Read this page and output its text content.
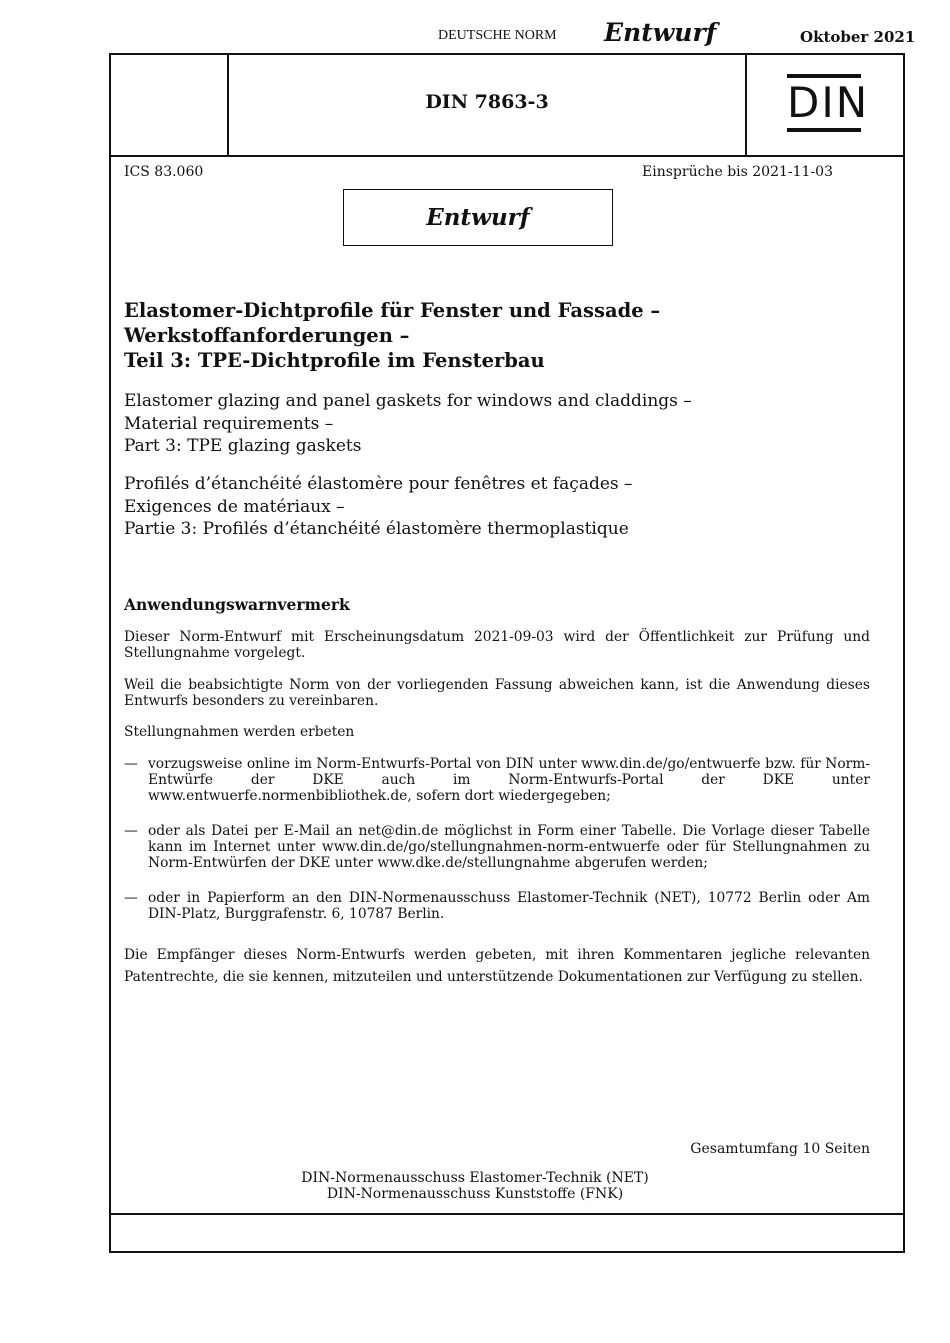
DEUTSCHE NORM Entwurf	Oktober 2021
DIN 7863-3	DIN
ICS 83.060	Einsprüche bis 2021-11-03
Entwurf
Elastomer-Dichtprofile für Fenster und Fassade –
Werkstoffanforderungen –
Teil 3: TPE-Dichtprofile im Fensterbau
Elastomer glazing and panel gaskets for windows and claddings –
Material requirements –
Part 3: TPE glazing gaskets
Profilés d’étanchéité élastomère pour fenêtres et façades –
Exigences de matériaux –
Partie 3: Profilés d’étanchéité élastomère thermoplastique
Anwendungswarnvermerk
Dieser Norm-Entwurf mit Erscheinungsdatum 2021-09-03 wird der Öffentlichkeit zur Prüfung und Stellungnahme vorgelegt.
Weil die beabsichtigte Norm von der vorliegenden Fassung abweichen kann, ist die Anwendung dieses Entwurfs besonders zu vereinbaren.
Stellungnahmen werden erbeten
— vorzugsweise online im Norm-Entwurfs-Portal von DIN unter www.din.de/go/entwuerfe bzw. für Norm-Entwürfe der DKE auch im Norm-Entwurfs-Portal der DKE unter www.entwuerfe.normenbibliothek.de, sofern dort wiedergegeben;
— oder als Datei per E-Mail an net@din.de möglichst in Form einer Tabelle. Die Vorlage dieser Tabelle kann im Internet unter www.din.de/go/stellungnahmen-norm-entwuerfe oder für Stellungnahmen zu Norm-Entwürfen der DKE unter www.dke.de/stellungnahme abgerufen werden;
— oder in Papierform an den DIN-Normenausschuss Elastomer-Technik (NET), 10772 Berlin oder Am DIN-Platz, Burggrafenstr. 6, 10787 Berlin.
Die Empfänger dieses Norm-Entwurfs werden gebeten, mit ihren Kommentaren jegliche relevanten Patentrechte, die sie kennen, mitzuteilen und unterstützende Dokumentationen zur Verfügung zu stellen.
Gesamtumfang 10 Seiten
DIN-Normenausschuss Elastomer-Technik (NET)
DIN-Normenausschuss Kunststoffe (FNK)
